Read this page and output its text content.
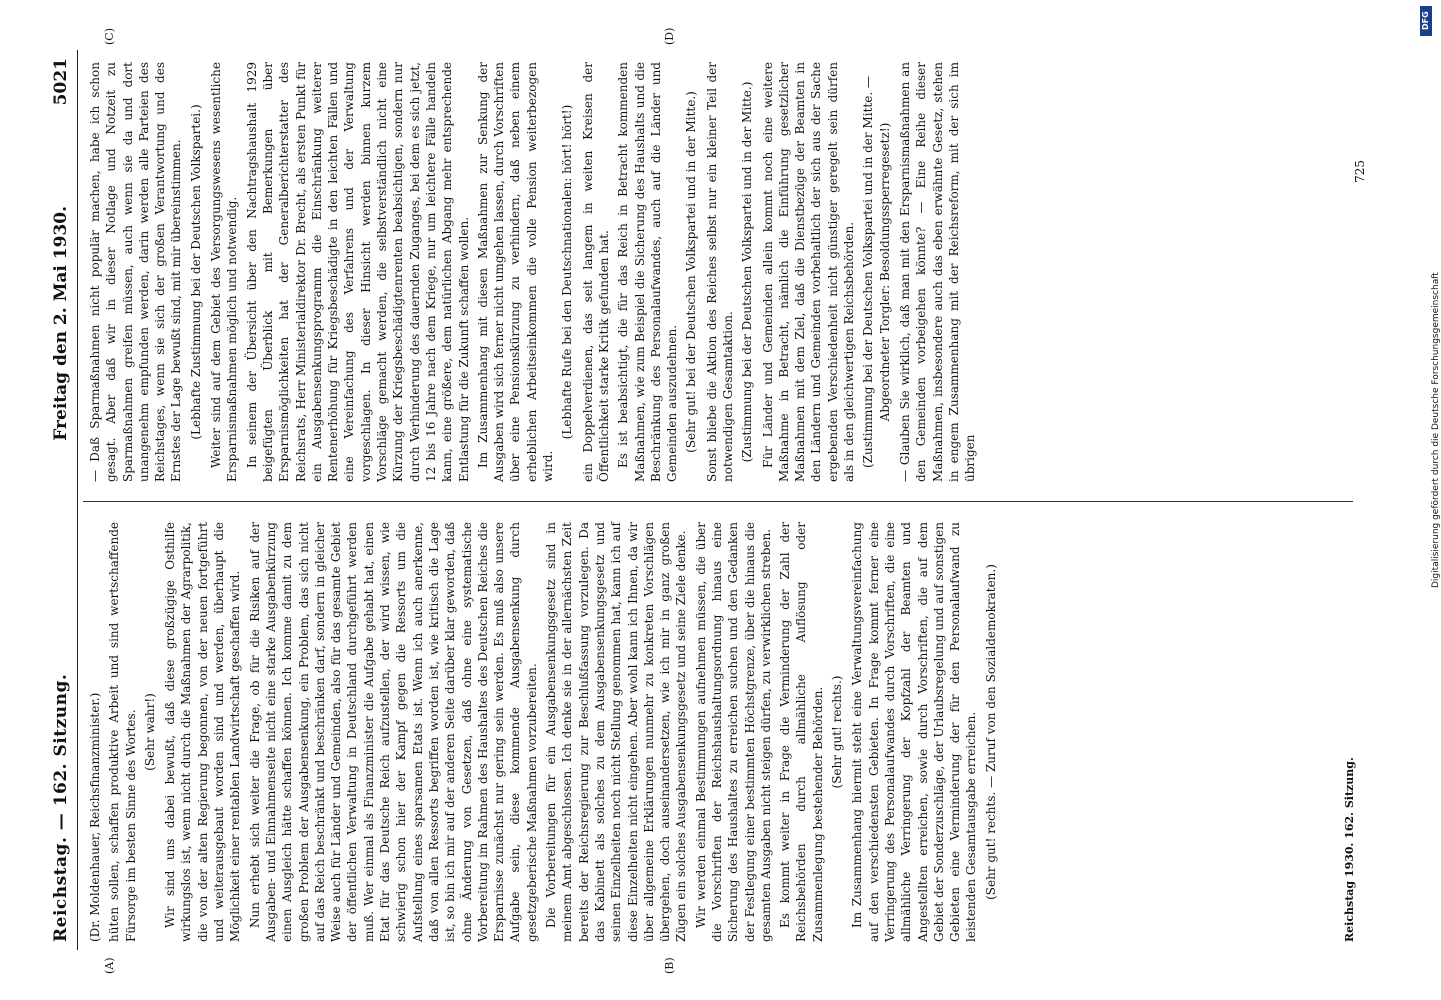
Reichstag. — 162. Sitzung.
Freitag den 2. Mai 1930.                 5021

(Dr. Moldenhauer, Reichsfinanzminister.) hüten sollen, schaffen produktive Arbeit und sind wertschaffende Fürsorge im besten Sinne des Wortes. (Sehr wahr!) Wir sind uns dabei bewußt, daß diese großzügige Osthilfe wirkungslos ist, wenn nicht durch die Maßnahmen der Agrarpolitik, die von der alten Regierung begonnen, von der neuen fortgeführt und weiterausgebaut worden sind und werden, überhaupt die Möglichkeit einer rentablen Landwirtschaft geschaffen wird. Nun erhebt sich weiter die Frage, ob für die Risiken auf der Ausgaben- und Einnahmenseite nicht eine starke Ausgabenkürzung einen Ausgleich hätte schaffen können. Ich komme damit zu dem großen Problem der Ausgabensenkung, ein Problem, das sich nicht auf das Reich beschränkt und beschränken darf, sondern in gleicher Weise auch für Länder und Gemeinden, also für das gesamte Gebiet der öffentlichen Verwaltung in Deutschland durchgeführt werden muß. Wer einmal als Finanzminister die Aufgabe gehabt hat, einen Etat für das Deutsche Reich aufzustellen, der wird wissen, wie schwierig schon hier der Kampf gegen die Ressorts um die Aufstellung eines sparsamen Etats ist. Wenn ich auch anerkenne, daß von allen Ressorts begriffen worden ist, wie kritisch die Lage ist, so bin ich mir auf der anderen Seite darüber klar geworden, daß ohne Änderung von Gesetzen, daß ohne eine systematische Vorbereitung im Rahmen des Haushaltes des Deutschen Reiches die Ersparnisse zunächst nur gering sein werden. Es muß also unsere Aufgabe sein, diese kommende Ausgabensenkung durch gesetzgeberische Maßnahmen vorzubereiten. Die Vorbereitungen für ein Ausgabensenkungsgesetz sind in meinem Amt abgeschlossen. Ich denke sie in der allernächsten Zeit bereits der Reichsregierung zur Beschlußfassung vorzulegen. Da das Kabinett als solches zu dem Ausgabensenkungsgesetz und seinen Einzelheiten noch nicht Stellung genommen hat, kann ich auf diese Einzelheiten nicht eingehen. Aber wohl kann ich Ihnen, da wir über allgemeine Erklärungen nunmehr zu konkreten Vorschlägen übergehen, doch auseinandersetzen, wie ich mir in ganz großen Zügen ein solches Ausgabensenkungsgesetz und seine Ziele denke. Wir werden einmal Bestimmungen aufnehmen müssen, die über die Vorschriften der Reichshaushaltungsordnung hinaus eine Sicherung des Haushaltes zu erreichen suchen und den Gedanken der Festlegung einer bestimmten Höchstgrenze, über die hinaus die gesamten Ausgaben nicht steigen dürfen, zu verwirklichen streben. Es kommt weiter in Frage die Verminderung der Zahl der Reichsbehörden durch allmähliche Auflösung oder Zusammenlegung bestehender Behörden. (Sehr gut! rechts.) Im Zusammenhang hiermit steht eine Verwaltungsvereinfachung auf den verschiedensten Gebieten. In Frage kommt ferner eine Verringerung des Personalaufwandes durch Vorschriften, die eine allmähliche Verringerung der Kopfzahl der Beamten und Angestellten erreichen, sowie durch Vorschriften, die auf dem Gebiet der Sonderzuschläge, der Urlaubsregelung und auf sonstigen Gebieten eine Verminderung der für den Personalaufwand zu leistenden Gesamtausgabe erreichen. (Sehr gut! rechts. — Zuruf von den Sozialdemokraten.)

— Daß Sparmaßnahmen nicht populär machen, habe ich schon gesagt. Aber daß wir in dieser Notlage und Notzeit zu Sparmaßnahmen greifen müssen, auch wenn sie da und dort unangenehm empfunden werden, darin werden alle Parteien des Reichstages, wenn sie sich der großen Verantwortung und des Ernstes der Lage bewußt sind, mit mir übereinstimmen. (Lebhafte Zustimmung bei der Deutschen Volkspartei.) Weiter sind auf dem Gebiet des Versorgungswesens wesentliche Ersparnismaßnahmen möglich und notwendig. In seinem der Übersicht über den Nachtragshaushalt 1929 beigefügten Überblick mit Bemerkungen über Ersparnismöglichkeiten hat der Generalberichterstatter des Reichsrats, Herr Ministerialdirektor Dr. Brecht, als ersten Punkt für ein Ausgabensenkungsprogramm die Einschränkung weiterer Rentenerhöhung für Kriegsbeschädigte in den leichten Fällen und eine Vereinfachung des Verfahrens und der Verwaltung vorgeschlagen. In dieser Hinsicht werden binnen kurzem Vorschläge gemacht werden, die selbstverständlich nicht eine Kürzung der Kriegsbeschädigtenrenten beabsichtigen, sondern nur durch Verhinderung des dauernden Zuganges, bei dem es sich jetzt, 12 bis 16 Jahre nach dem Kriege, nur um leichtere Fälle handeln kann, eine größere, dem natürlichen Abgang mehr entsprechende Entlastung für die Zukunft schaffen wollen. Im Zusammenhang mit diesen Maßnahmen zur Senkung der Ausgaben wird sich ferner nicht umgehen lassen, durch Vorschriften über eine Pensionskürzung zu verhindern, daß neben einem erheblichen Arbeitseinkommen die volle Pension weiterbezogen wird.

(Lebhafte Rufe bei den Deutschnationalen: hört! hört!) ein Doppelverdienen, das seit langem in weiten Kreisen der Öffentlichkeit starke Kritik gefunden hat. Es ist beabsichtigt, die für das Reich in Betracht kommenden Maßnahmen, wie zum Beispiel die Sicherung des Haushalts und die Beschränkung des Personalaufwandes, auch auf die Länder und Gemeinden auszudehnen. (Sehr gut! bei der Deutschen Volkspartei und in der Mitte.) Sonst bliebe die Aktion des Reiches selbst nur ein kleiner Teil der notwendigen Gesamtaktion. (Zustimmung bei der Deutschen Volkspartei und in der Mitte.) Für Länder und Gemeinden allein kommt noch eine weitere Maßnahme in Betracht, nämlich die Einführung gesetzlicher Maßnahmen mit dem Ziel, daß die Dienstbezüge der Beamten in den Ländern und Gemeinden vorbehaltlich der sich aus der Sache ergebenden Verschiedenheit nicht günstiger geregelt sein dürfen als in den gleichwertigen Reichsbehörden. (Zustimmung bei der Deutschen Volkspartei und in der Mitte. — Abgeordneter Torgler: Besoldungssperregesetz!) — Glauben Sie wirklich, daß man mit den Ersparnismaßnahmen an den Gemeinden vorbeigehen könnte? — Eine Reihe dieser Maßnahmen, insbesondere auch das eben erwähnte Gesetz, stehen in engem Zusammenhang mit der Reichsreform, mit der sich im übrigen

(A)	(B)
(C)	(D)
Reichstag 1930. 162. Sitzung.
725
DFG
Digitalisierung gefördert durch die Deutsche Forschungsgemeinschaft
